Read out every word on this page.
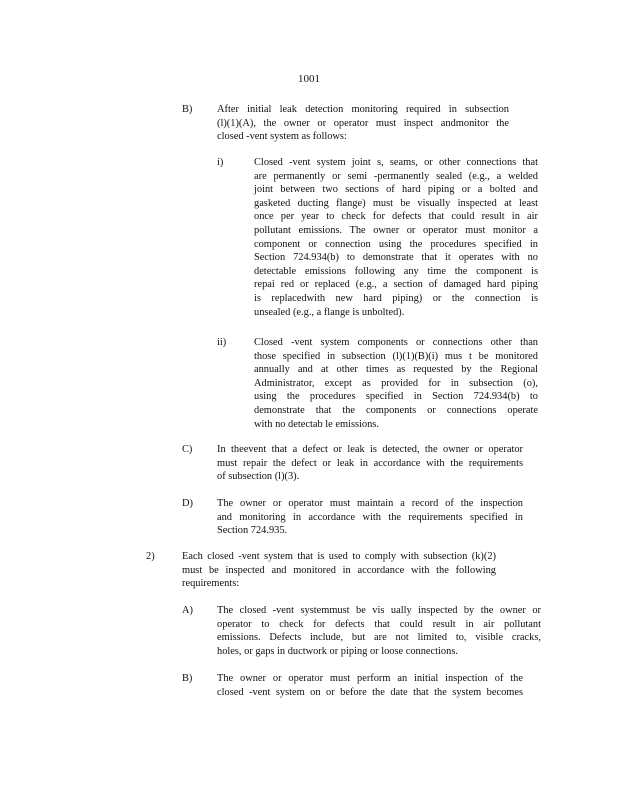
1001
B) After initial leak detection monitoring required in subsection
(l)(1)(A), the owner or operator must inspect andmonitor the
closed -vent system as follows:
i)	Closed -vent system joint s, seams, or other connections that
are permanently or semi -permanently sealed (e.g., a welded
joint between two sections of hard piping or a bolted and
gasketed ducting flange) must be visually inspected at least
once per year to check for defects that could result in air
pollutant emissions. The owner or operator must monitor a
component or connection using the procedures specified in
Section 724.934(b) to demonstrate that it operates with no
detectable emissions following any time the component is
repai red or replaced (e.g., a section of damaged hard piping
is replacedwith new hard piping) or the connection is
unsealed (e.g., a flange is unbolted).
ii)	Closed -vent system components or connections other than
those specified in subsection (l)(1)(B)(i) mus t be monitored
annually and at other times as requested by the Regional
Administrator, except as provided for in subsection (o),
using the procedures specified in Section 724.934(b) to
demonstrate that the components or connections operate
with no detectab le emissions.
C) In theevent that a defect or leak is detected, the owner or operator
must repair the defect or leak in accordance with the requirements
of subsection (l)(3).
D) The owner or operator must maintain a record of the inspection
and monitoring in accordance with the requirements specified in
Section 724.935.
2)	Each closed -vent system that is used to comply with subsection (k)(2)
must be inspected and monitored in accordance with the following
requirements:
A) The closed -vent systemmust be vis ually inspected by the owner or
operator to check for defects that could result in air pollutant
emissions. Defects include, but are not limited to, visible cracks,
holes, or gaps in ductwork or piping or loose connections.
B) The owner or operator must perform an initial inspection of the
closed -vent system on or before the date that the system becomes
